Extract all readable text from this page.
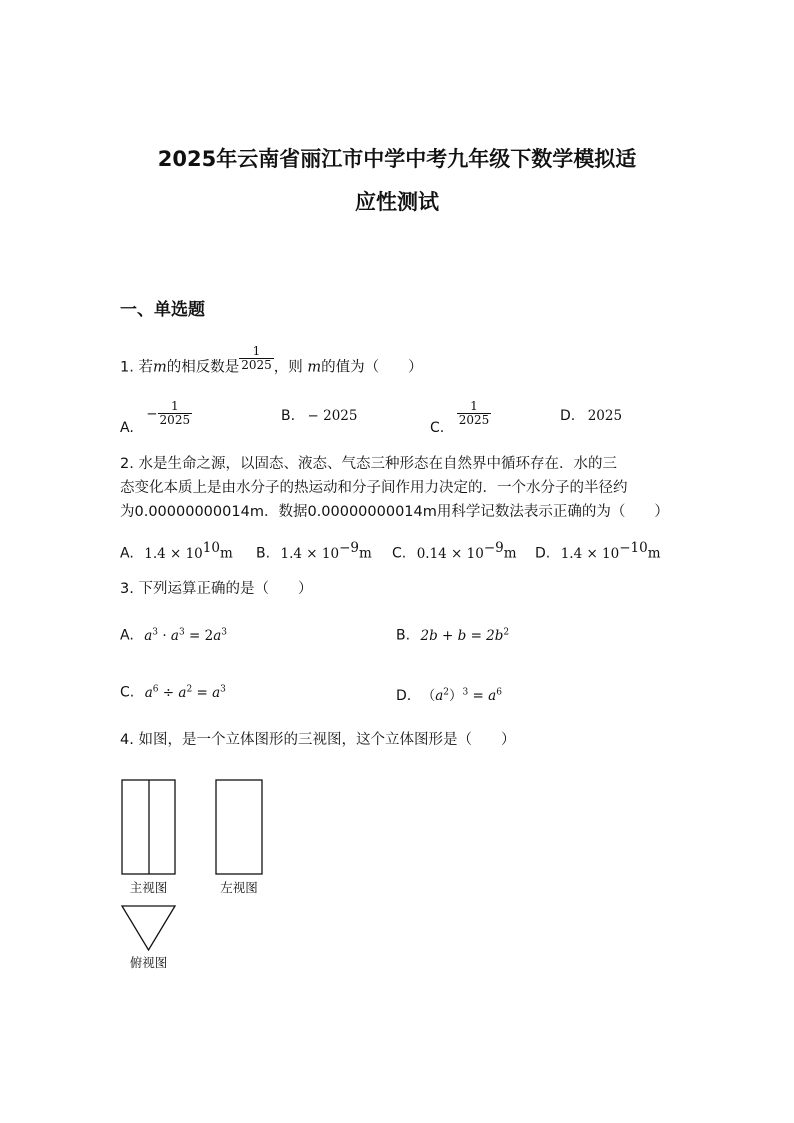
2025年云南省丽江市中学中考九年级下数学模拟适
应性测试
一、单选题
1. 若m的相反数是 $\frac{1}{2025}$ ，则 m的值为（　　）
A. − $\frac{1}{2025}$	B. − 2025
C.
$\frac{1}{2025}$	D. 2025
2. 水是生命之源，以固态、液态、气态三种形态在自然界中循环存在．水的三
态变化本质上是由水分子的热运动和分子间作用力决定的．一个水分子的半径约
为0.00000000014m．数据0.00000000014m用科学记数法表示正确的为（　　）
A. $1.4 \times 10^{10}m$ B. $1.4 \times 10^{-9}m$ C. $0.14 \times 10^{-9}m$ D. $1.4 \times 10^{-10}m$
3. 下列运算正确的是（　　）
A. $a^3 \cdot a^3 = 2a^3$	B. $2b + b = 2b^2$
C. $a^6 \div a^2 = a^3$	D. $(a^2)^3 = a^6$
4. 如图，是一个立体图形的三视图，这个立体图形是（　　）
主视图	左视图
俯视图
